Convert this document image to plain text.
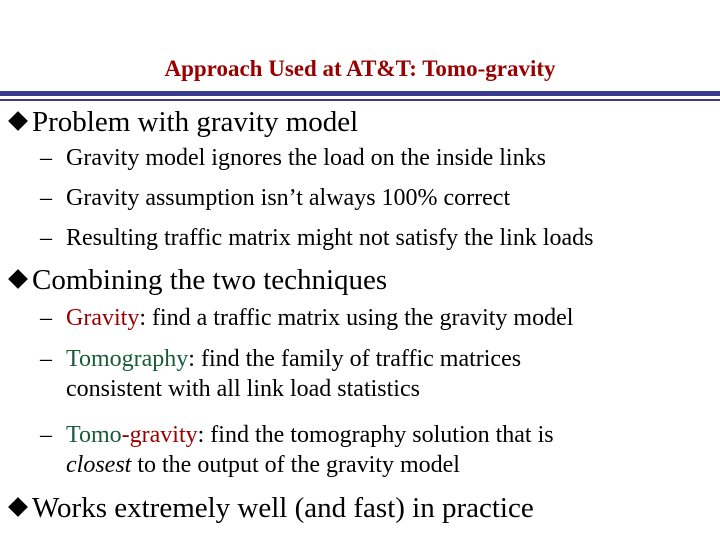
Approach Used at AT&T: Tomo-gravity
Problem with gravity model
– Gravity model ignores the load on the inside links
– Gravity assumption isn’t always 100% correct
– Resulting traffic matrix might not satisfy the link loads
Combining the two techniques
– Gravity: find a traffic matrix using the gravity model
– Tomography: find the family of traffic matrices
consistent with all link load statistics
– Tomo-gravity: find the tomography solution that is
closest to the output of the gravity model
Works extremely well (and fast) in practice
